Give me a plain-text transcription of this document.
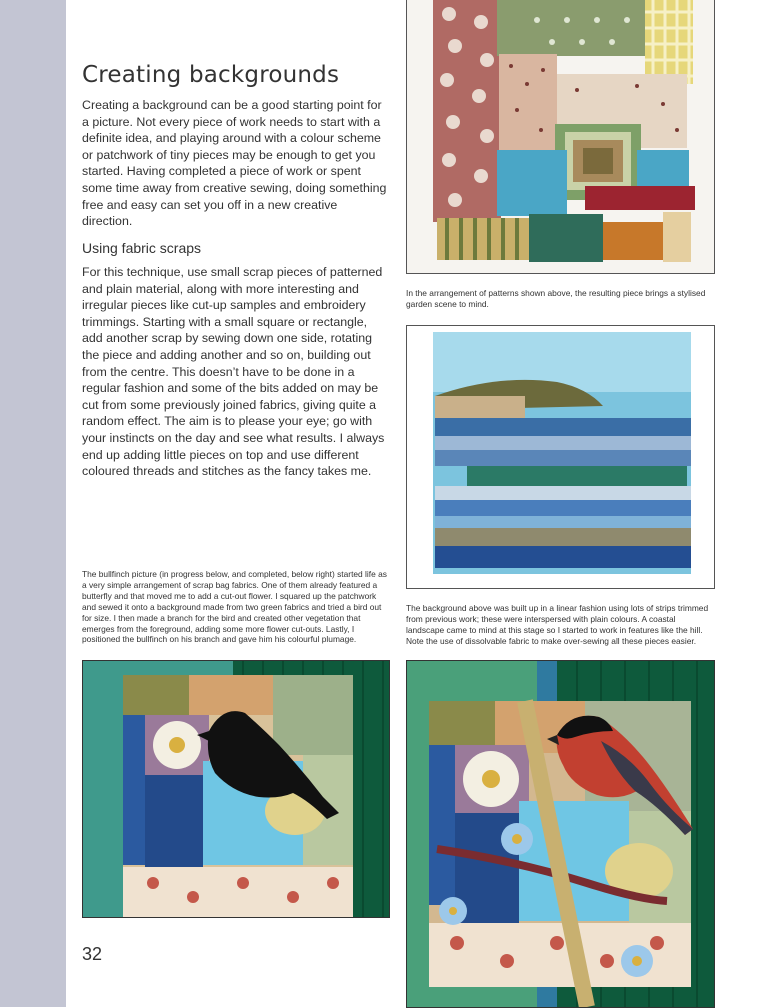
Creating backgrounds

Creating a background can be a good starting point for a picture. Not every piece of work needs to start with a definite idea, and playing around with a colour scheme or patchwork of tiny pieces may be enough to get you started. Having completed a piece of work or spent some time away from creative sewing, doing something free and easy can set you off in a new creative direction.

Using fabric scraps

For this technique, use small scrap pieces of patterned and plain material, along with more interesting and irregular pieces like cut-up samples and embroidery trimmings. Starting with a small square or rectangle, add another scrap by sewing down one side, rotating the piece and adding another and so on, building out from the centre. This doesn’t have to be done in a regular fashion and some of the bits added on may be cut from some previously joined fabrics, giving quite a random effect. The aim is to please your eye; go with your instincts on the day and see what results. I always end up adding little pieces on top and use different coloured threads and stitches as the fancy takes me.

The bullfinch picture (in progress below, and completed, below right) started life as a very simple arrangement of scrap bag fabrics. One of them already featured a butterfly and that moved me to add a cut-out flower. I squared up the patchwork and sewed it onto a background made from two green fabrics and tried a bird out for size. I then made a branch for the bird and created other vegetation that emerges from the foreground, adding some more flower cut-outs. Lastly, I positioned the bullfinch on his branch and gave him his colourful plumage.

In the arrangement of patterns shown above, the resulting piece brings a stylised garden scene to mind.

The background above was built up in a linear fashion using lots of strips trimmed from previous work; these were interspersed with plain colours. A coastal landscape came to mind at this stage so I started to work in features like the hill. Note the use of dissolvable fabric to make over-sewing all these pieces easier.

32
